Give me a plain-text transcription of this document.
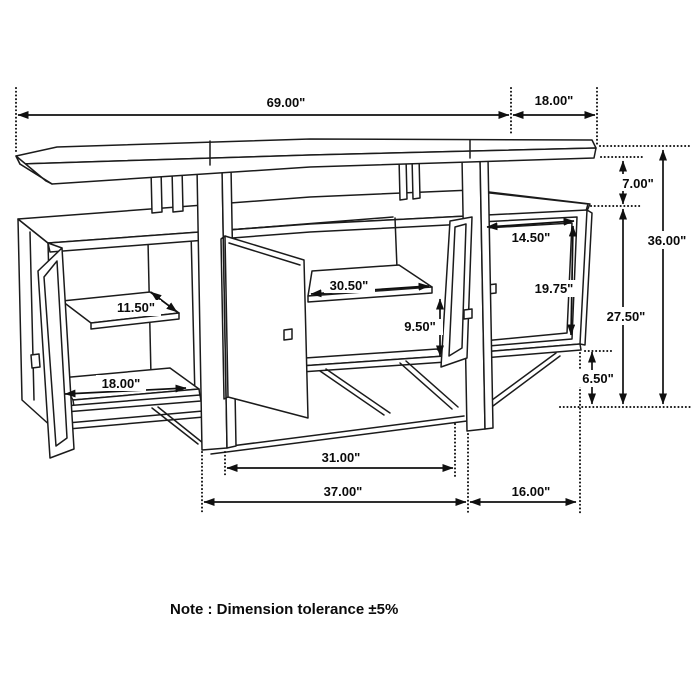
69.00"	18.00"
7.00"
36.00"
27.50"
6.50"
14.50"
19.75"
30.50"
9.50"
11.50"
18.00"
31.00"
37.00"	16.00"
Note : Dimension tolerance ±5%
